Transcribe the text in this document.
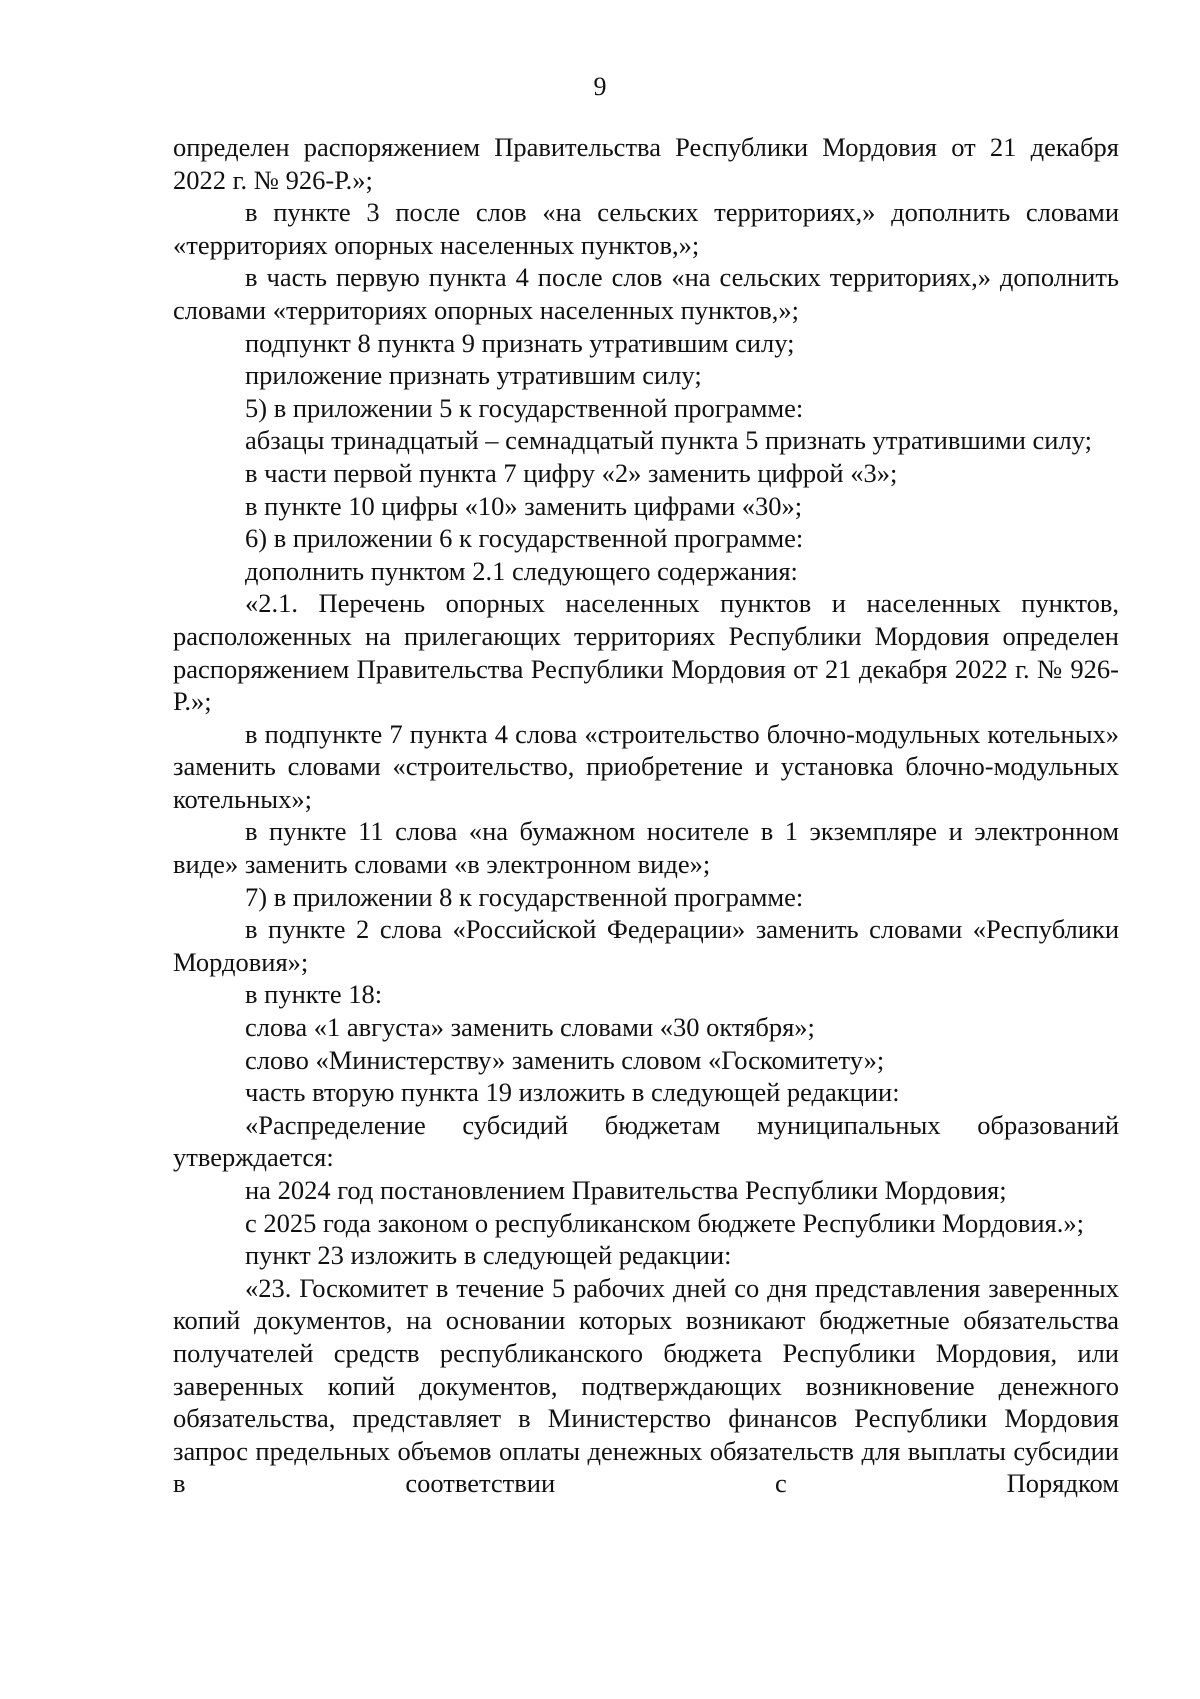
9

определен распоряжением Правительства Республики Мордовия от 21 декабря 2022 г. № 926-Р.»;

в пункте 3 после слов «на сельских территориях,» дополнить словами «территориях опорных населенных пунктов,»;

в часть первую пункта 4 после слов «на сельских территориях,» дополнить словами «территориях опорных населенных пунктов,»;

подпункт 8 пункта 9 признать утратившим силу;

приложение признать утратившим силу;

5) в приложении 5 к государственной программе:

абзацы тринадцатый – семнадцатый пункта 5 признать утратившими силу;

в части первой пункта 7 цифру «2» заменить цифрой «3»;

в пункте 10 цифры «10» заменить цифрами «30»;

6) в приложении 6 к государственной программе:

дополнить пунктом 2.1 следующего содержания:

«2.1. Перечень опорных населенных пунктов и населенных пунктов, расположенных на прилегающих территориях Республики Мордовия определен распоряжением Правительства Республики Мордовия от 21 декабря 2022 г. № 926-Р.»;

в подпункте 7 пункта 4 слова «строительство блочно-модульных котельных» заменить словами «строительство, приобретение и установка блочно-модульных котельных»;

в пункте 11 слова «на бумажном носителе в 1 экземпляре и электронном виде» заменить словами «в электронном виде»;

7) в приложении 8 к государственной программе:

в пункте 2 слова «Российской Федерации» заменить словами «Республики Мордовия»;

в пункте 18:

слова «1 августа» заменить словами «30 октября»;

слово «Министерству» заменить словом «Госкомитету»;

часть вторую пункта 19 изложить в следующей редакции:

«Распределение субсидий бюджетам муниципальных образований утверждается:

на 2024 год постановлением Правительства Республики Мордовия;

с 2025 года законом о республиканском бюджете Республики Мордовия.»;

пункт 23 изложить в следующей редакции:

«23. Госкомитет в течение 5 рабочих дней со дня представления заверенных копий документов, на основании которых возникают бюджетные обязательства получателей средств республиканского бюджета Республики Мордовия, или заверенных копий документов, подтверждающих возникновение денежного обязательства, представляет в Министерство финансов Республики Мордовия запрос предельных объемов оплаты денежных обязательств для выплаты субсидии в соответствии с Порядком
